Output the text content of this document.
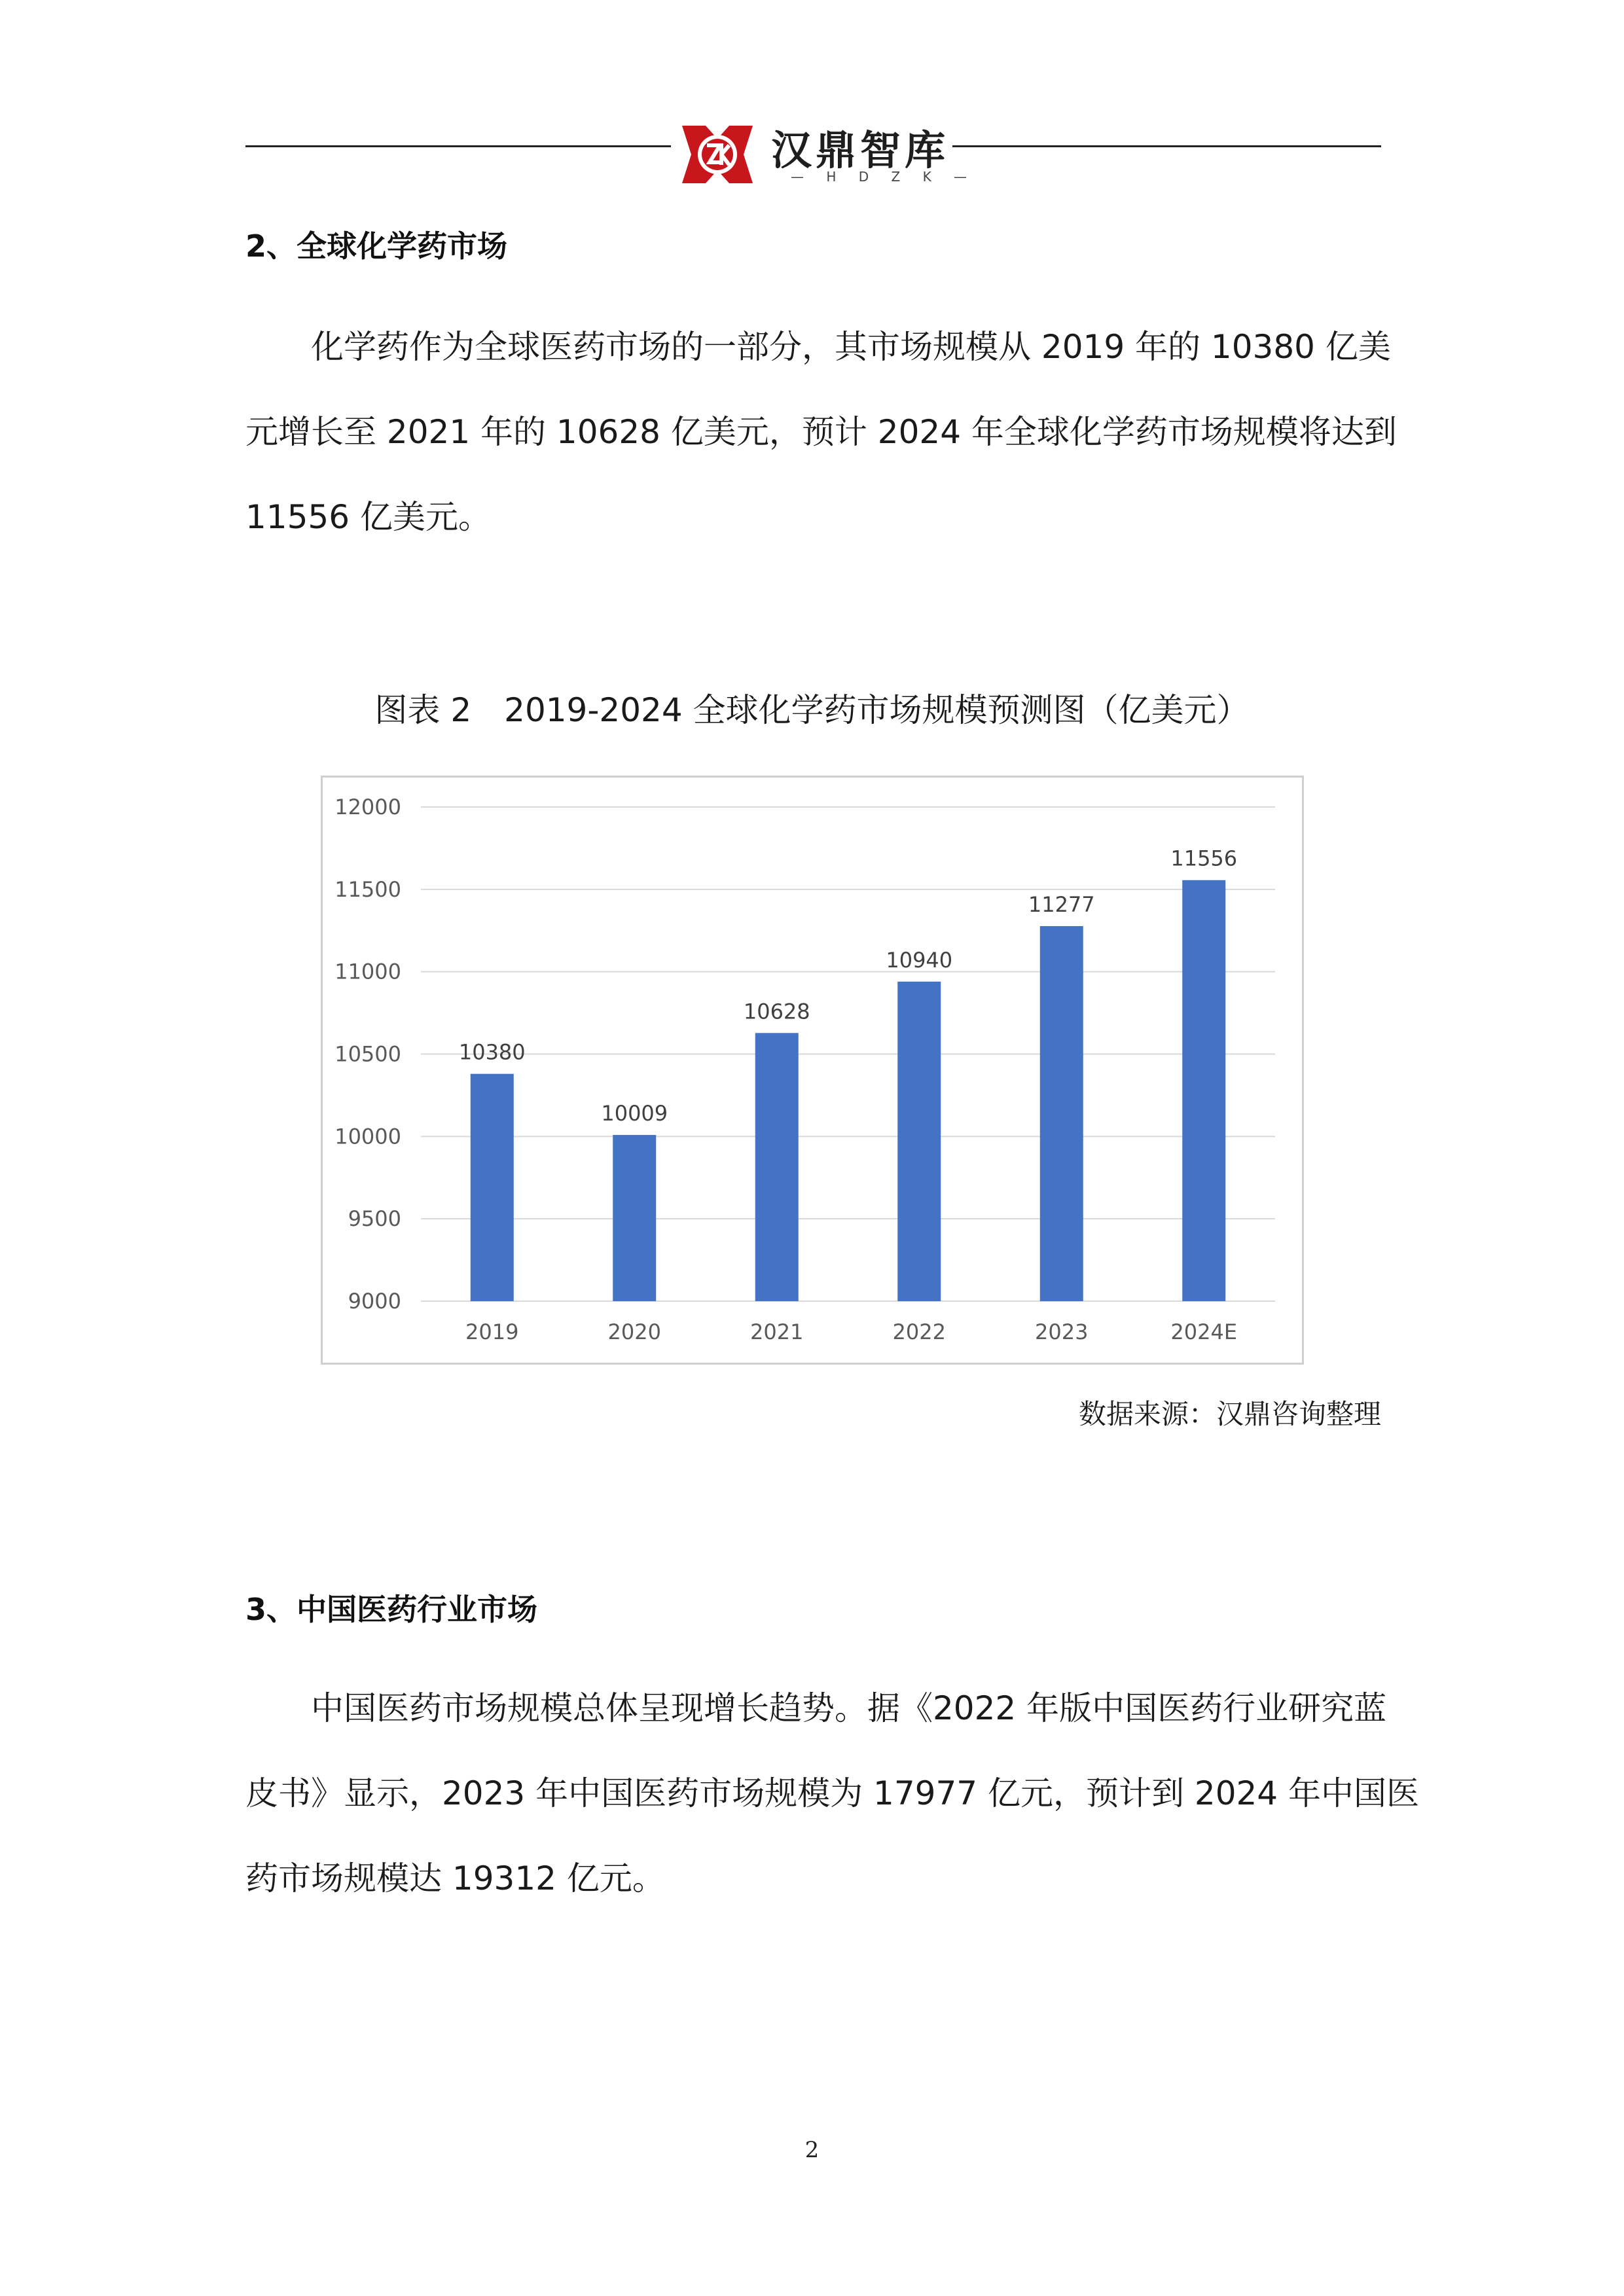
汉鼎智库
— H D Z K —
2、全球化学药市场
化学药作为全球医药市场的一部分，其市场规模从 2019 年的 10380 亿美
元增长至 2021 年的 10628 亿美元，预计 2024 年全球化学药市场规模将达到
11556 亿美元。
图表 2　2019-2024 全球化学药市场规模预测图（亿美元）
9000
9500
10000
10500
11000
11500
12000
10380
2019
10009
2020
10628
2021
10940
2022
11277
2023
11556
2024E
数据来源：汉鼎咨询整理
3、中国医药行业市场
中国医药市场规模总体呈现增长趋势。据《2022 年版中国医药行业研究蓝
皮书》显示，2023 年中国医药市场规模为 17977 亿元，预计到 2024 年中国医
药市场规模达 19312 亿元。
2
